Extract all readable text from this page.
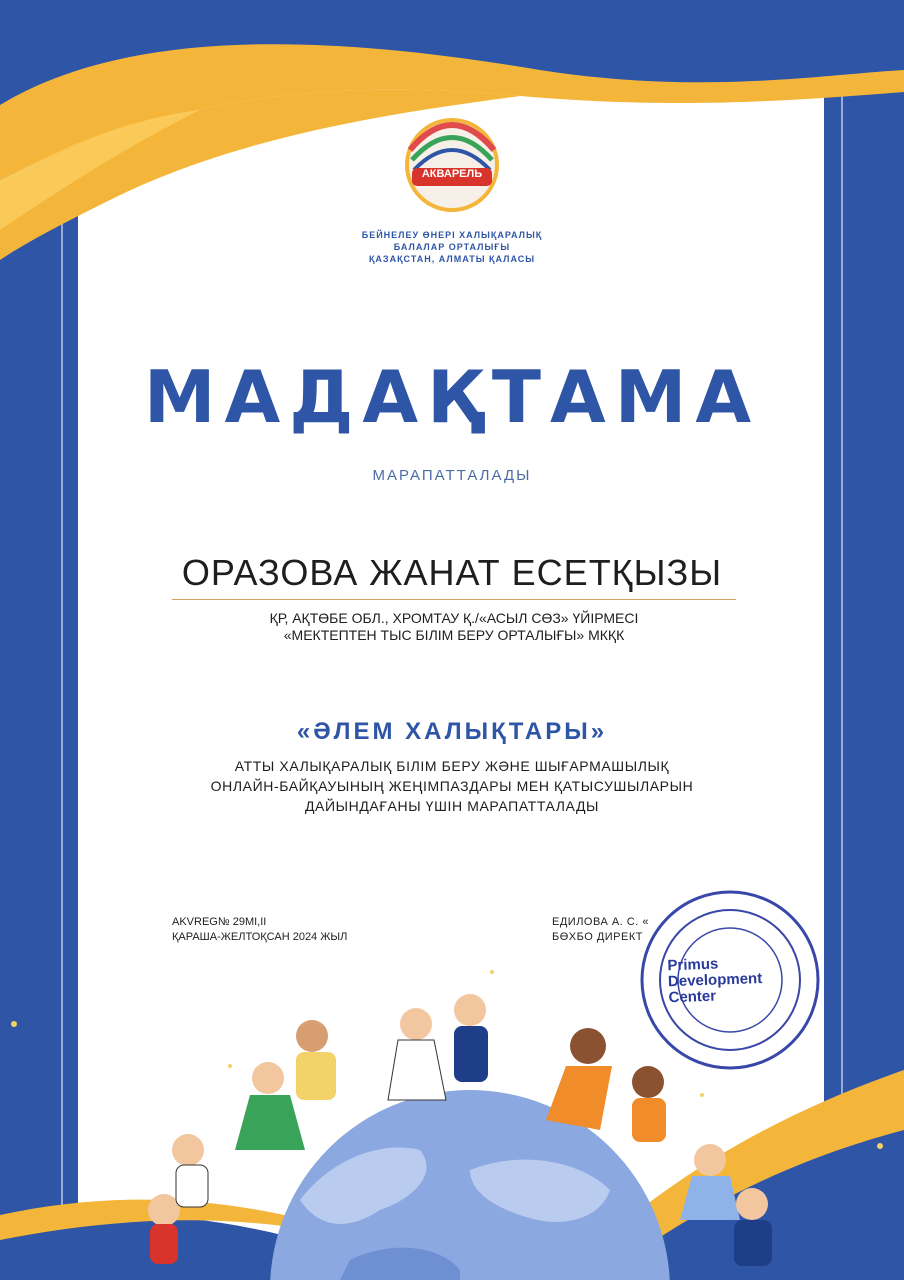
АКВАРЕЛЬ
БЕЙНЕЛЕУ ӨНЕРІ ХАЛЫҚАРАЛЫҚ
БАЛАЛАР ОРТАЛЫҒЫ
ҚАЗАҚСТАН, АЛМАТЫ ҚАЛАСЫ
МАДАҚТАМА
МАРАПАТТАЛАДЫ
ОРАЗОВА ЖАНАТ ЕСЕТҚЫЗЫ
ҚР, АҚТӨБЕ ОБЛ., ХРОМТАУ Қ./«АСЫЛ СӨЗ» ҮЙІРМЕСІ
«МЕКТЕПТЕН ТЫС БІЛІМ БЕРУ ОРТАЛЫҒЫ» МКҚК
«ӘЛЕМ ХАЛЫҚТАРЫ»
АТТЫ ХАЛЫҚАРАЛЫҚ БІЛІМ БЕРУ ЖӘНЕ ШЫҒАРМАШЫЛЫҚ
ОНЛАЙН-БАЙҚАУЫНЫҢ ЖЕҢІМПАЗДАРЫ МЕН ҚАТЫСУШЫЛАРЫН
ДАЙЫНДАҒАНЫ ҮШІН МАРАПАТТАЛАДЫ
AKVREG№ 29MI,II
ҚАРАША-ЖЕЛТОҚСАН 2024 ЖЫЛ
ЕДИЛОВА А. С. «
БӨХБО ДИРЕКТ
Primus
Development
Center
